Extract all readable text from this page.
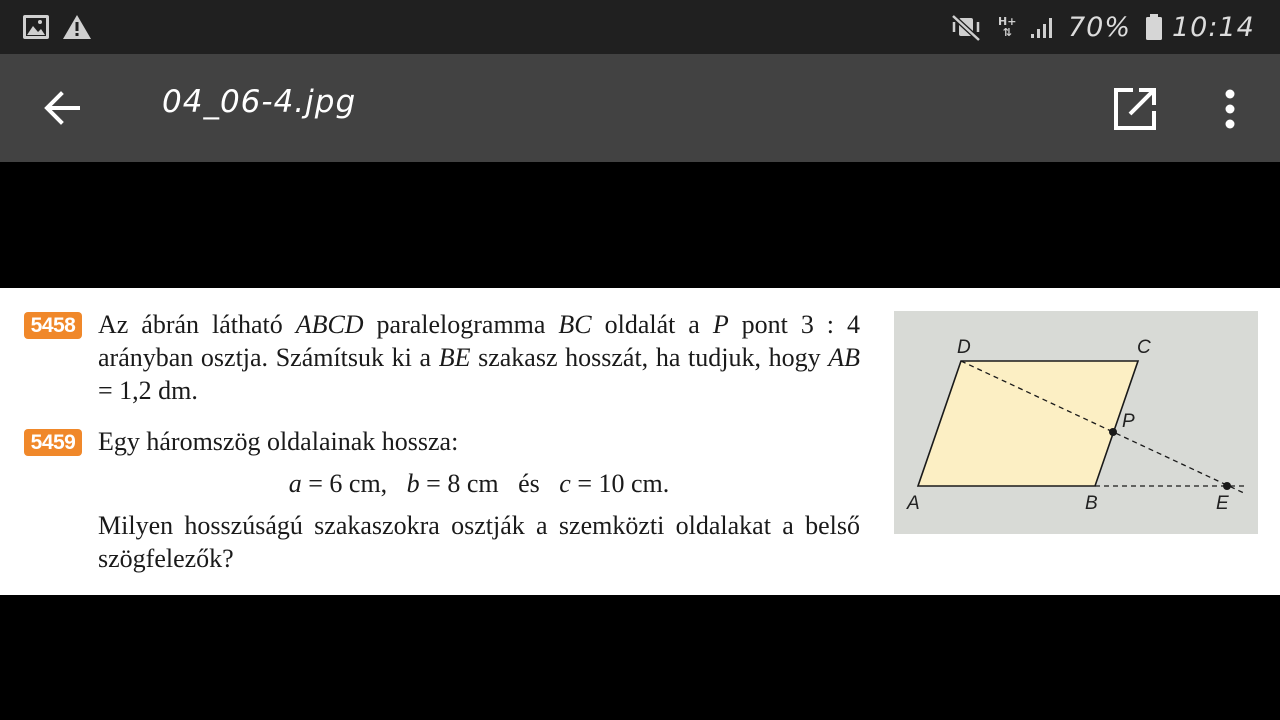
H+
⇅ 70% 10:14
04_06-4.jpg
5458 Az ábrán látható ABCD paralelogramma BC oldalát a P pont 3 : 4 arányban osztja. Számítsuk ki a BE szakasz hosszát, ha tudjuk, hogy AB = 1,2 dm.
5459 Egy háromszög oldalainak hossza:
a = 6 cm,   b = 8 cm   és   c = 10 cm.
Milyen hosszúságú szakaszokra osztják a szemközti oldalakat a belső szögfelezők?
D	C
P
A	B	E
